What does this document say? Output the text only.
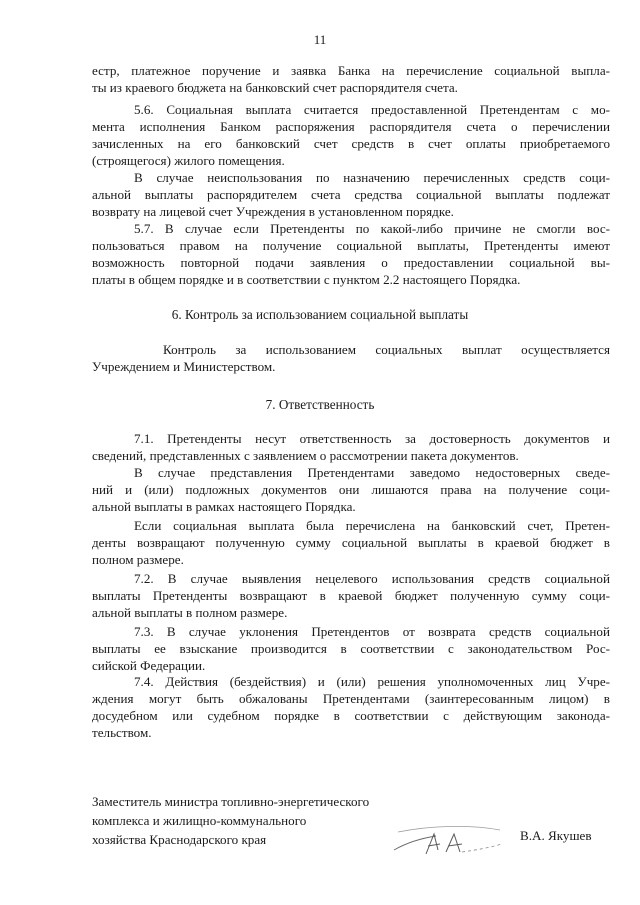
11
естр, платежное поручение и заявка Банка на перечисление социальной выпла-
ты из краевого бюджета на банковский счет распорядителя счета.
5.6. Социальная выплата считается предоставленной Претендентам с мо-
мента исполнения Банком распоряжения распорядителя счета о перечислении
зачисленных на его банковский счет средств в счет оплаты приобретаемого
(строящегося) жилого помещения.
В случае неиспользования по назначению перечисленных средств соци-
альной выплаты распорядителем счета средства социальной выплаты подлежат
возврату на лицевой счет Учреждения в установленном порядке.
5.7. В случае если Претенденты по какой-либо причине не смогли вос-
пользоваться правом на получение социальной выплаты, Претенденты имеют
возможность повторной подачи заявления о предоставлении социальной вы-
платы в общем порядке и в соответствии с пунктом 2.2 настоящего Порядка.
6. Контроль за использованием социальной выплаты
Контроль за использованием социальных выплат осуществляется
Учреждением и Министерством.
7. Ответственность
7.1. Претенденты несут ответственность за достоверность документов и
сведений, представленных с заявлением о рассмотрении пакета документов.
В случае представления Претендентами заведомо недостоверных сведе-
ний и (или) подложных документов они лишаются права на получение соци-
альной выплаты в рамках настоящего Порядка.
Если социальная выплата была перечислена на банковский счет, Претен-
денты возвращают полученную сумму социальной выплаты в краевой бюджет в
полном размере.
7.2. В случае выявления нецелевого использования средств социальной
выплаты Претенденты возвращают в краевой бюджет полученную сумму соци-
альной выплаты в полном размере.
7.3. В случае уклонения Претендентов от возврата средств социальной
выплаты ее взыскание производится в соответствии с законодательством Рос-
сийской Федерации.
7.4. Действия (бездействия) и (или) решения уполномоченных лиц Учре-
ждения могут быть обжалованы Претендентами (заинтересованным лицом) в
досудебном или судебном порядке в соответствии с действующим законода-
тельством.
Заместитель министра топливно-энергетического
комплекса и жилищно-коммунального
хозяйства Краснодарского края	В.А. Якушев
